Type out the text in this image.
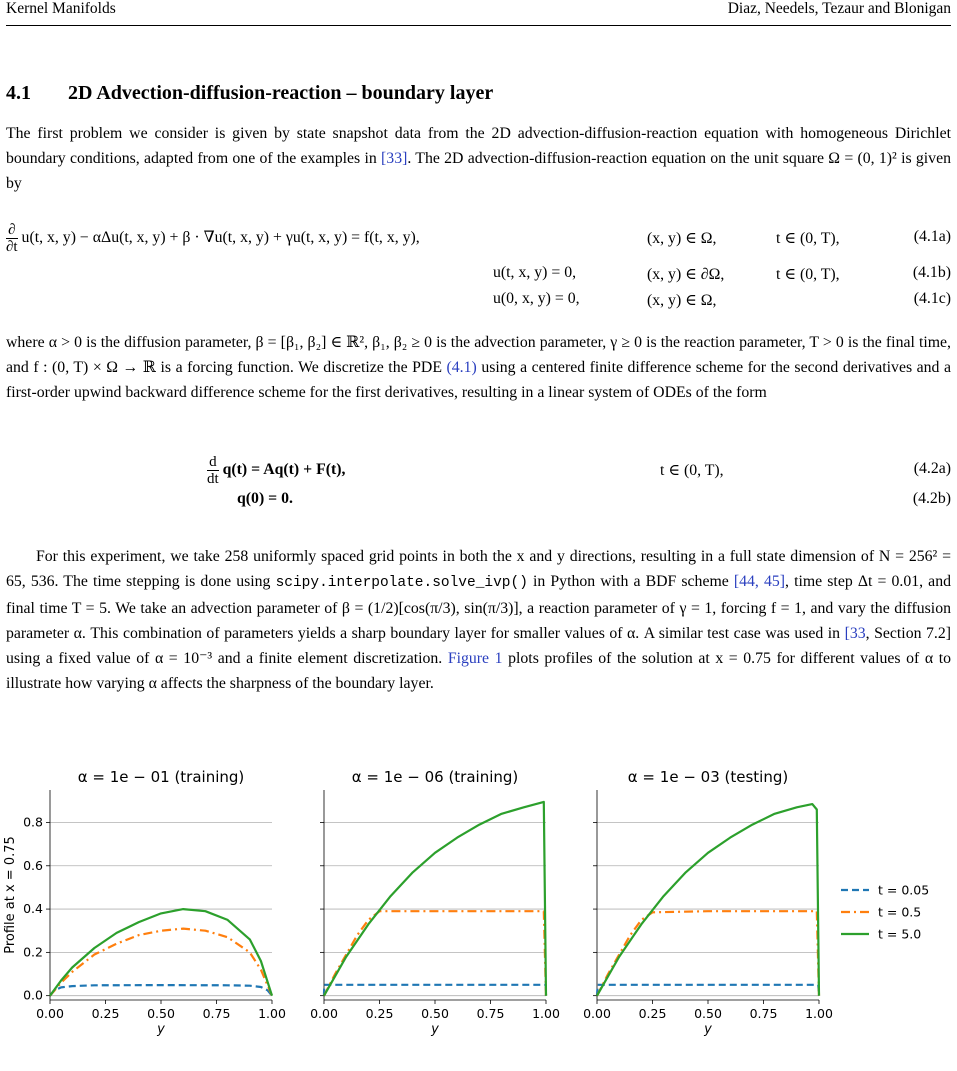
Kernel Manifolds	Diaz, Needels, Tezaur and Blonigan
4.1 2D Advection-diffusion-reaction – boundary layer
The first problem we consider is given by state snapshot data from the 2D advection-diffusion-reaction equation with homogeneous Dirichlet boundary conditions, adapted from one of the examples in [33]. The 2D advection-diffusion-reaction equation on the unit square Ω = (0, 1)² is given by
$\frac{\partial}{\partial t} u(t$, x, y) − αΔu(t, x, y) + β · ∇u(t, x, y) + γu(t, x, y) = f(t, x, y),	(x, y) ∈ Ω,	t ∈ (0, T),	(4.1a)
u(t, x, y) = 0,	(x, y) ∈ ∂Ω,	t ∈ (0, T),	(4.1b)
u(0, x, y) = 0,	(x, y) ∈ Ω,	(4.1c)
where α > 0 is the diffusion parameter, β = [β₁, β₂] ∈ ℝ², β₁, β₂ ≥ 0 is the advection parameter, γ ≥ 0 is the reaction parameter, T > 0 is the final time, and f : (0, T) × Ω → ℝ is a forcing function. We discretize the PDE (4.1) using a centered finite difference scheme for the second derivatives and a first-order upwind backward difference scheme for the first derivatives, resulting in a linear system of ODEs of the form
$\frac{d}{dt} q(t) = Aq(t) + F(t)$,	t ∈ (0, T),	(4.2a)
q(0) = 0.	(4.2b)
For this experiment, we take 258 uniformly spaced grid points in both the x and y directions, resulting in a full state dimension of N = 256² = 65, 536. The time stepping is done using scipy.interpolate.solve_ivp() in Python with a BDF scheme [44, 45], time step Δt = 0.01, and final time T = 5. We take an advection parameter of β = (1/2)[cos(π/3), sin(π/3)], a reaction parameter of γ = 1, forcing f = 1, and vary the diffusion parameter α. This combination of parameters yields a sharp boundary layer for smaller values of α. A similar test case was used in [33, Section 7.2] using a fixed value of α = 10⁻³ and a finite element discretization. Figure 1 plots profiles of the solution at x = 0.75 for different values of α to illustrate how varying α affects the sharpness of the boundary layer.
0.0
0.2
0.4
0.6
0.8
0.00 0.25 0.50 0.75 1.00
y
α = 1e − 01 (training)
0.00 0.25 0.50 0.75 1.00
y
α = 1e − 06 (training)
0.00 0.25 0.50 0.75 1.00
y
α = 1e − 03 (testing)
Profile at x = 0.75	t = 0.05
t = 0.5
t = 5.0
